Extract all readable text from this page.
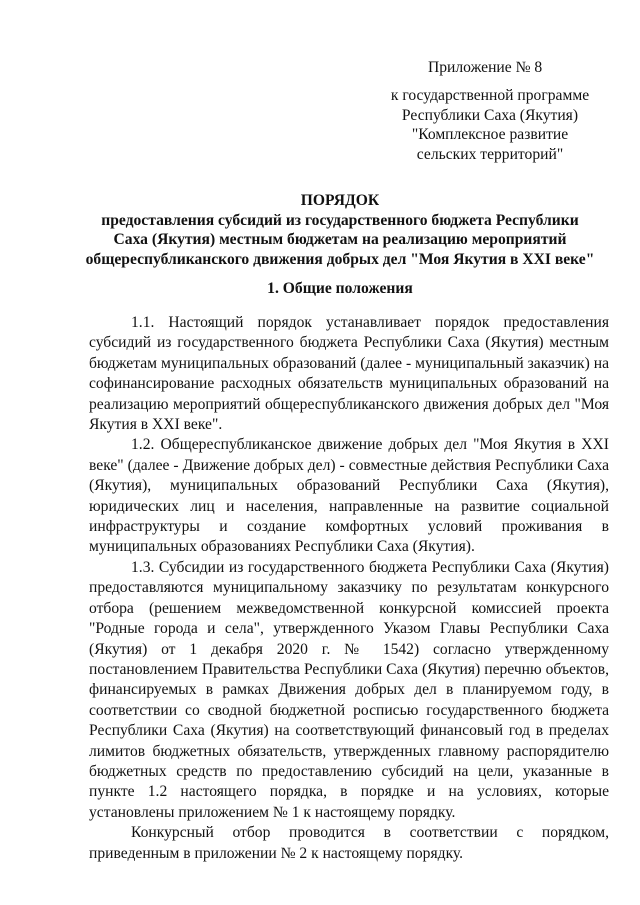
Приложение № 8
к государственной программе
Республики Саха (Якутия)
"Комплексное развитие
сельских территорий"
ПОРЯДОК
предоставления субсидий из государственного бюджета Республики
Саха (Якутия) местным бюджетам на реализацию мероприятий
общереспубликанского движения добрых дел "Моя Якутия в XXI веке"
1. Общие положения

1.1. Настоящий порядок устанавливает порядок предоставления субсидий из государственного бюджета Республики Саха (Якутия) местным бюджетам муниципальных образований (далее - муниципальный заказчик) на софинансирование расходных обязательств муниципальных образований на реализацию мероприятий общереспубликанского движения добрых дел "Моя Якутия в XXI веке".

1.2. Общереспубликанское движение добрых дел "Моя Якутия в XXI веке" (далее - Движение добрых дел) - совместные действия Республики Саха (Якутия), муниципальных образований Республики Саха (Якутия), юридических лиц и населения, направленные на развитие социальной инфраструктуры и создание комфортных условий проживания в муниципальных образованиях Республики Саха (Якутия).

1.3. Субсидии из государственного бюджета Республики Саха (Якутия) предоставляются муниципальному заказчику по результатам конкурсного отбора (решением межведомственной конкурсной комиссией проекта "Родные города и села", утвержденного Указом Главы Республики Саха (Якутия) от 1 декабря 2020 г. № 1542) согласно утвержденному постановлением Правительства Республики Саха (Якутия) перечню объектов, финансируемых в рамках Движения добрых дел в планируемом году, в соответствии со сводной бюджетной росписью государственного бюджета Республики Саха (Якутия) на соответствующий финансовый год в пределах лимитов бюджетных обязательств, утвержденных главному распорядителю бюджетных средств по предоставлению субсидий на цели, указанные в пункте 1.2 настоящего порядка, в порядке и на условиях, которые установлены приложением № 1 к настоящему порядку.

Конкурсный отбор проводится в соответствии с порядком, приведенным в приложении № 2 к настоящему порядку.
